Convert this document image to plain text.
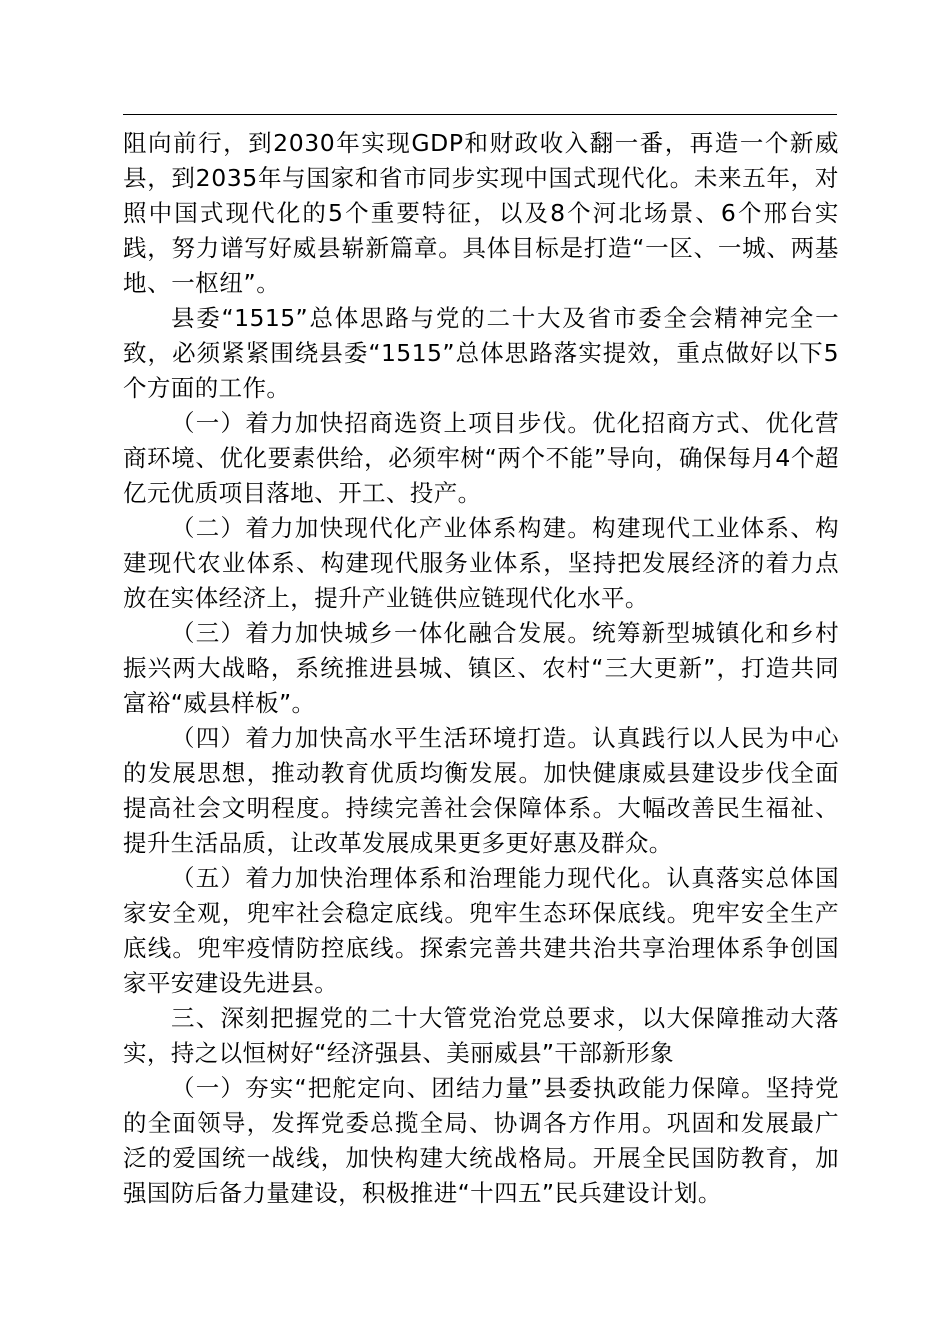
阻向前行，到2030年实现GDP和财政收入翻一番，再造一个新威县，到2035年与国家和省市同步实现中国式现代化。未来五年，对照中国式现代化的5个重要特征，以及8个河北场景、6个邢台实践，努力谱写好威县崭新篇章。具体目标是打造“一区、一城、两基地、一枢纽”。

县委“1515”总体思路与党的二十大及省市委全会精神完全一致，必须紧紧围绕县委“1515”总体思路落实提效，重点做好以下5个方面的工作。

（一）着力加快招商选资上项目步伐。优化招商方式、优化营商环境、优化要素供给，必须牢树“两个不能”导向，确保每月4个超亿元优质项目落地、开工、投产。

（二）着力加快现代化产业体系构建。构建现代工业体系、构建现代农业体系、构建现代服务业体系，坚持把发展经济的着力点放在实体经济上，提升产业链供应链现代化水平。

（三）着力加快城乡一体化融合发展。统筹新型城镇化和乡村振兴两大战略，系统推进县城、镇区、农村“三大更新”，打造共同富裕“威县样板”。

（四）着力加快高水平生活环境打造。认真践行以人民为中心的发展思想，推动教育优质均衡发展。加快健康威县建设步伐全面提高社会文明程度。持续完善社会保障体系。大幅改善民生福祉、提升生活品质，让改革发展成果更多更好惠及群众。

（五）着力加快治理体系和治理能力现代化。认真落实总体国家安全观，兜牢社会稳定底线。兜牢生态环保底线。兜牢安全生产底线。兜牢疫情防控底线。探索完善共建共治共享治理体系争创国家平安建设先进县。

三、深刻把握党的二十大管党治党总要求，以大保障推动大落实，持之以恒树好“经济强县、美丽威县”干部新形象

（一）夯实“把舵定向、团结力量”县委执政能力保障。坚持党的全面领导，发挥党委总揽全局、协调各方作用。巩固和发展最广泛的爱国统一战线，加快构建大统战格局。开展全民国防教育，加强国防后备力量建设，积极推进“十四五”民兵建设计划。
